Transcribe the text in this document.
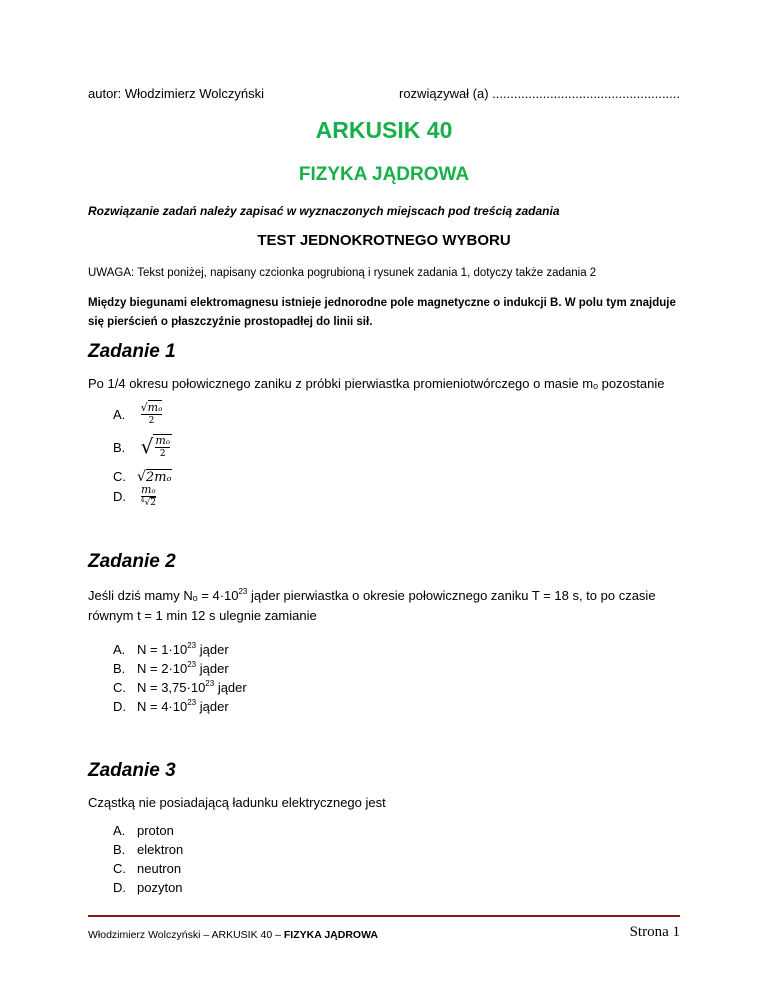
autor: Włodzimierz Wolczyński	rozwiązywał (a) ....................................................
ARKUSIK 40
FIZYKA JĄDROWA
Rozwiązanie zadań należy zapisać w wyznaczonych miejscach pod treścią zadania
TEST JEDNOKROTNEGO WYBORU
UWAGA: Tekst poniżej, napisany czcionka pogrubioną i rysunek zadania 1, dotyczy także zadania 2
Między biegunami elektromagnesu istnieje jednorodne pole magnetyczne o indukcji B. W polu tym znajduje się pierścień o płaszczyźnie prostopadłej do linii sił.
Zadanie 1
Po 1/4 okresu połowicznego zaniku z próbki pierwiastka promieniotwórczego o masie mₒ pozostanie
A. $\frac{\text{√mₒ}}{2}$
B. √ $\frac{\text{mₒ}}{2}$
C. √2mₒ
D. $\frac{\text{mₒ}}{^4√2}$
Zadanie 2
Jeśli dziś mamy $N_o = 4\cdot 10^{23}$ jąder pierwiastka o okresie połowicznego zaniku T = 18 s, to po czasie równym t = 1 min 12 s ulegnie zamianie
A. $N = 1\cdot 10^{23}$ jąder
B. $N = 2\cdot 10^{23}$ jąder
C. $N = 3,75\cdot 10^{23}$ jąder
D. $N = 4\cdot 10^{23}$ jąder
Zadanie 3
Cząstką nie posiadającą ładunku elektrycznego jest
A. proton
B. elektron
C. neutron
D. pozyton
Włodzimierz Wolczyński – ARKUSIK 40 – FIZYKA JĄDROWA	Strona 1
